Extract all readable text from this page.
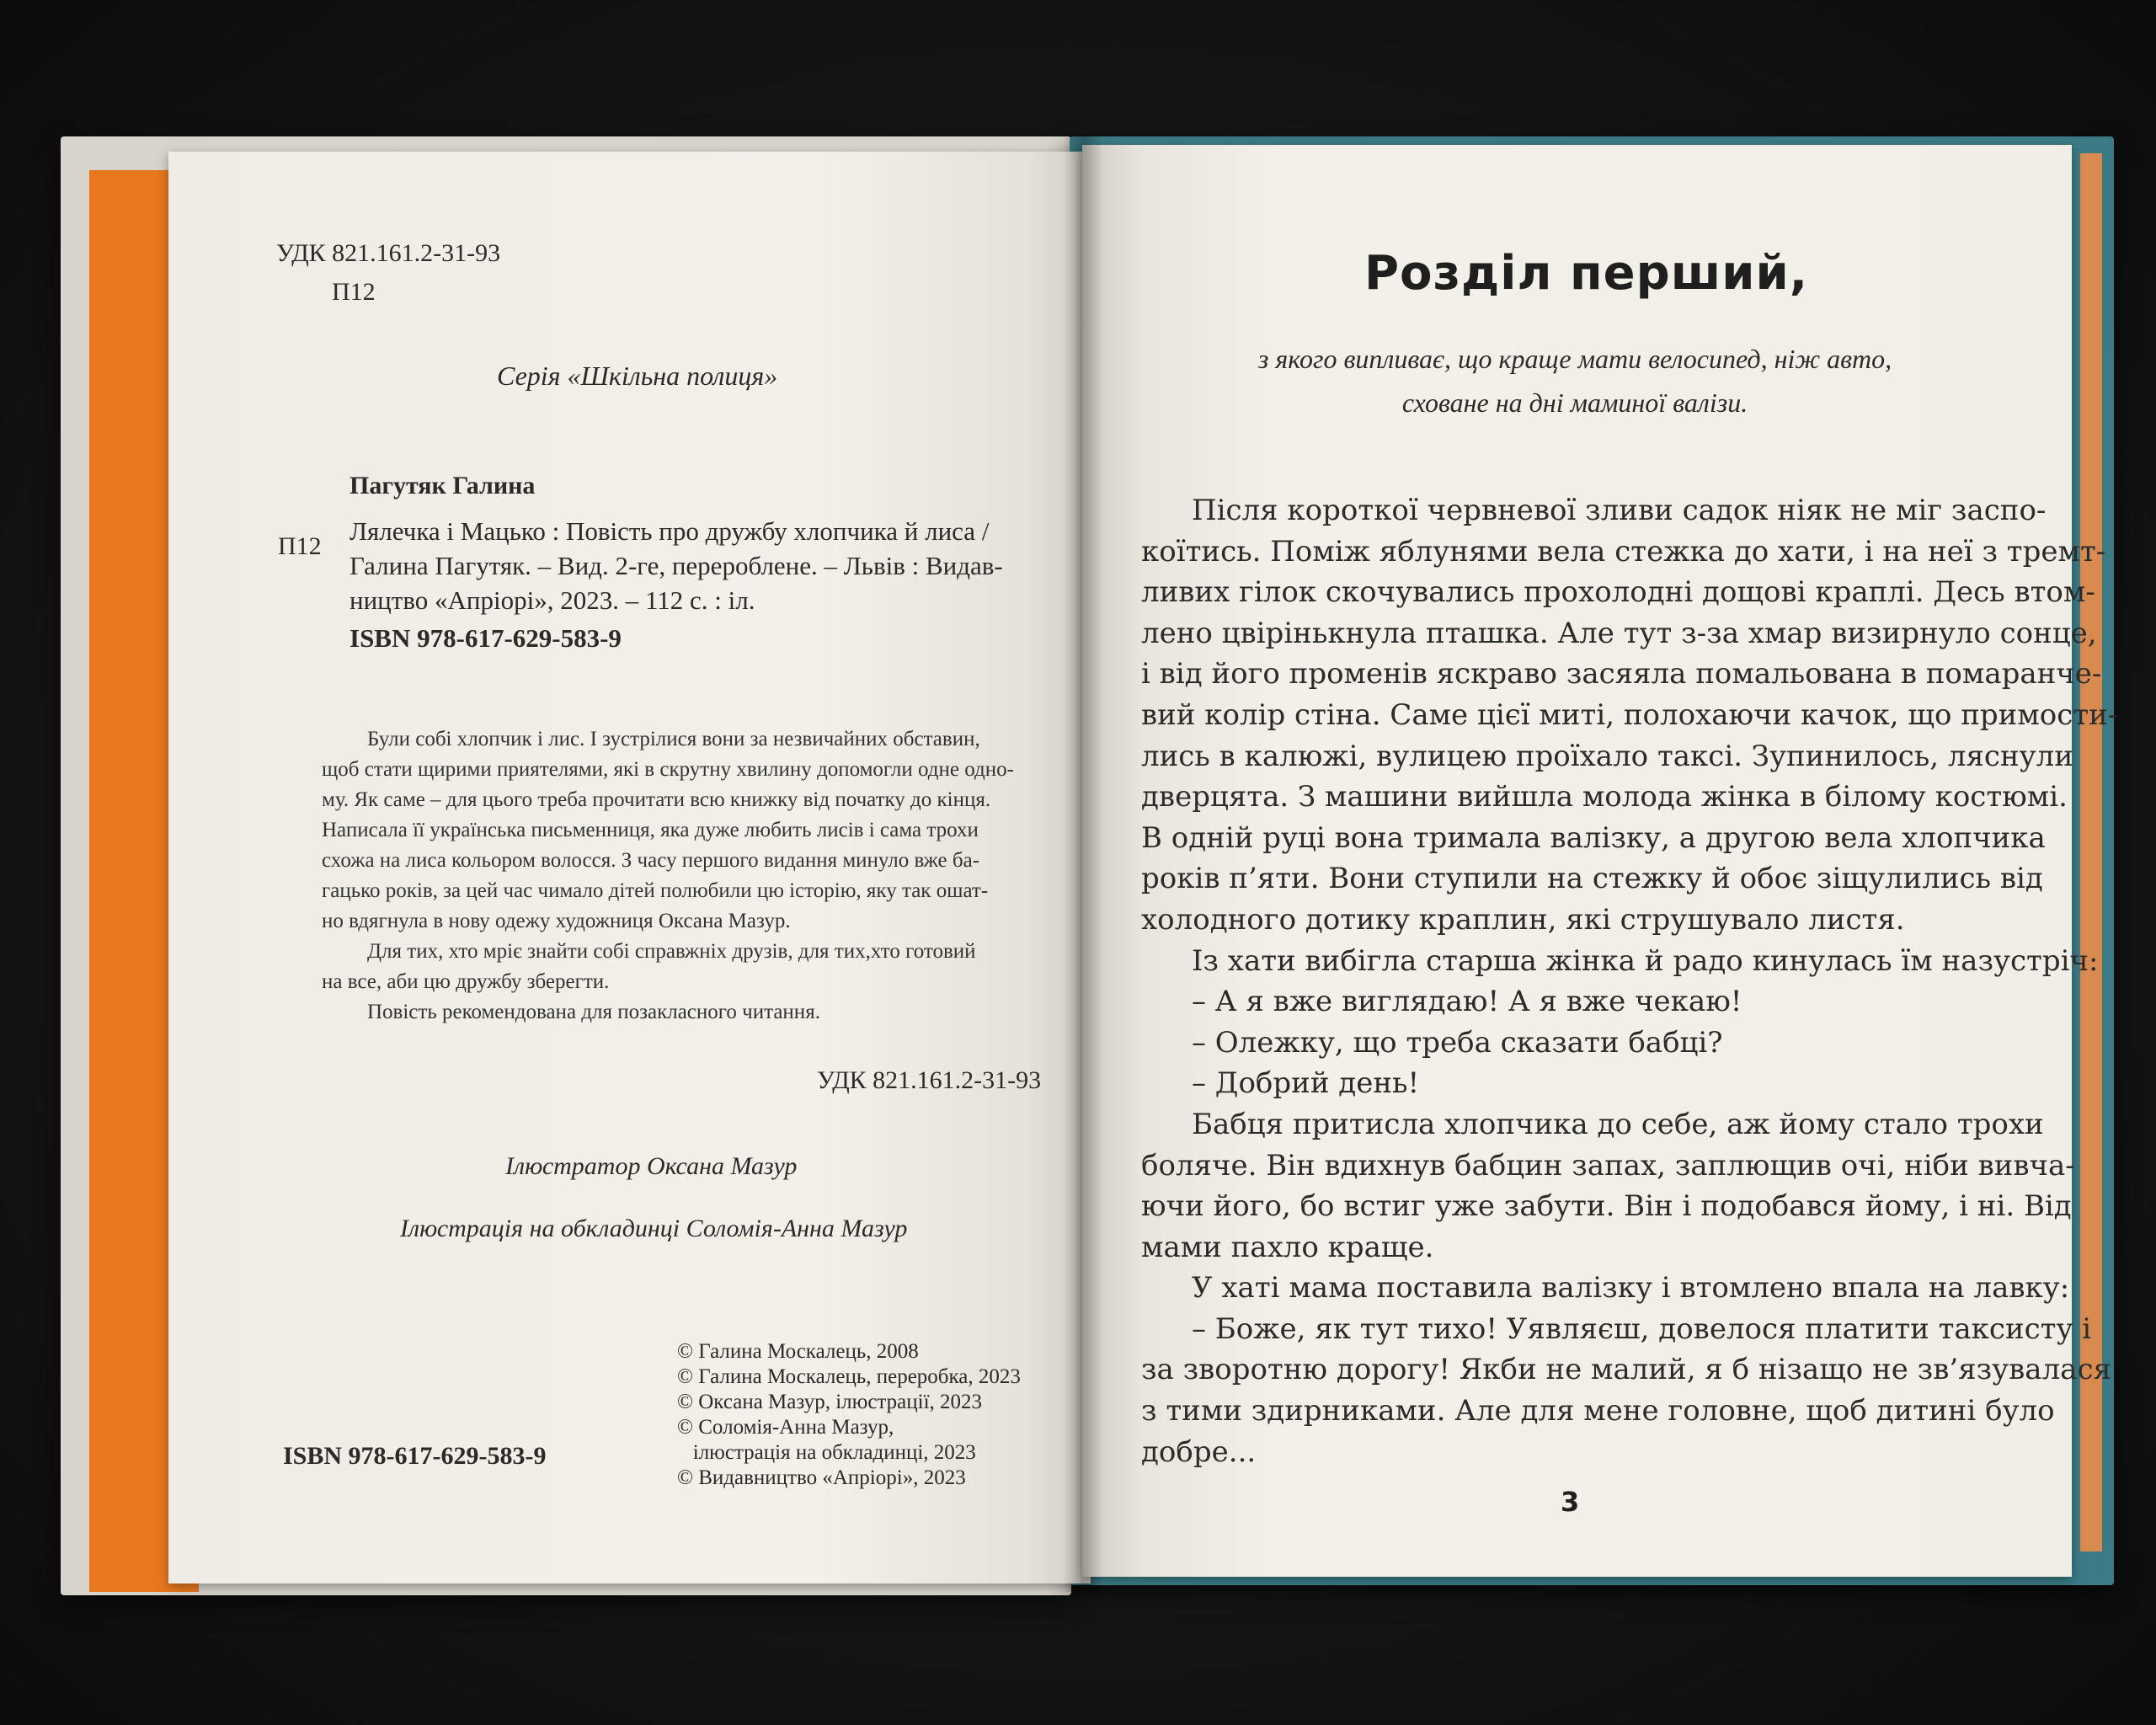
УДК 821.161.2-31-93
П12
Серія «Шкільна полиця»
Пагутяк Галина
П12
Лялечка і Мацько : Повість про дружбу хлопчика й лиса /
Галина Пагутяк. – Вид. 2-ге, перероблене. – Львів : Видав-
ництво «Апріорі», 2023. – 112 с. : іл.
ISBN 978-617-629-583-9
Були собі хлопчик і лис. І зустрілися вони за незвичайних обставин,
щоб стати щирими приятелями, які в скрутну хвилину допомогли одне одно-
му. Як саме – для цього треба прочитати всю книжку від початку до кінця.
Написала її українська письменниця, яка дуже любить лисів і сама трохи
схожа на лиса кольором волосся. З часу першого видання минуло вже ба-
гацько років, за цей час чимало дітей полюбили цю історію, яку так ошат-
но вдягнула в нову одежу художниця Оксана Мазур.
Для тих, хто мріє знайти собі справжніх друзів, для тих,хто готовий
на все, аби цю дружбу зберегти.
Повість рекомендована для позакласного читання.
УДК 821.161.2-31-93
Ілюстратор Оксана Мазур
Ілюстрація на обкладинці Соломія-Анна Мазур
ISBN 978-617-629-583-9
© Галина Москалець, 2008
© Галина Москалець, переробка, 2023
© Оксана Мазур, ілюстрації, 2023
© Соломія-Анна Мазур,
ілюстрація на обкладинці, 2023
© Видавництво «Апріорі», 2023
Розділ перший,
з якого випливає, що краще мати велосипед, ніж авто,
сховане на дні маминої валізи.
Після короткої червневої зливи садок ніяк не міг заспо-
коїтись. Поміж яблунями вела стежка до хати, і на неї з тремт-
ливих гілок скочувались прохолодні дощові краплі. Десь втом-
лено цвірінькнула пташка. Але тут з-за хмар визирнуло сонце,
і від його променів яскраво засяяла помальована в помаранче-
вий колір стіна. Саме цієї миті, полохаючи качок, що примости-
лись в калюжі, вулицею проїхало таксі. Зупинилось, ляснули
дверцята. З машини вийшла молода жінка в білому костюмі.
В одній руці вона тримала валізку, а другою вела хлопчика
років п’яти. Вони ступили на стежку й обоє зіщулились від
холодного дотику краплин, які струшувало листя.
Із хати вибігла старша жінка й радо кинулась їм назустріч:
– А я вже виглядаю! А я вже чекаю!
– Олежку, що треба сказати бабці?
– Добрий день!
Бабця притисла хлопчика до себе, аж йому стало трохи
боляче. Він вдихнув бабцин запах, заплющив очі, ніби вивча-
ючи його, бо встиг уже забути. Він і подобався йому, і ні. Від
мами пахло краще.
У хаті мама поставила валізку і втомлено впала на лавку:
– Боже, як тут тихо! Уявляєш, довелося платити таксисту і
за зворотню дорогу! Якби не малий, я б нізащо не зв’язувалася
з тими здирниками. Але для мене головне, щоб дитині було
добре...
3
